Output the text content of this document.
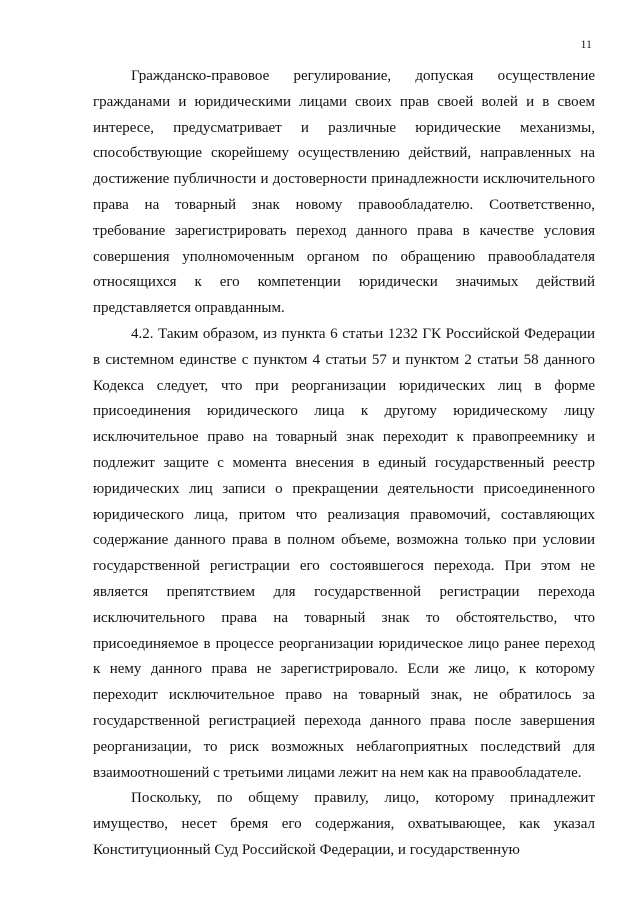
11

Гражданско-правовое регулирование, допуская осуществление гражданами и юридическими лицами своих прав своей волей и в своем интересе, предусматривает и различные юридические механизмы, способствующие скорейшему осуществлению действий, направленных на достижение публичности и достоверности принадлежности исключительного права на товарный знак новому правообладателю. Соответственно, требование зарегистрировать переход данного права в качестве условия совершения уполномоченным органом по обращению правообладателя относящихся к его компетенции юридически значимых действий представляется оправданным.

4.2. Таким образом, из пункта 6 статьи 1232 ГК Российской Федерации в системном единстве с пунктом 4 статьи 57 и пунктом 2 статьи 58 данного Кодекса следует, что при реорганизации юридических лиц в форме присоединения юридического лица к другому юридическому лицу исключительное право на товарный знак переходит к правопреемнику и подлежит защите с момента внесения в единый государственный реестр юридических лиц записи о прекращении деятельности присоединенного юридического лица, притом что реализация правомочий, составляющих содержание данного права в полном объеме, возможна только при условии государственной регистрации его состоявшегося перехода. При этом не является препятствием для государственной регистрации перехода исключительного права на товарный знак то обстоятельство, что присоединяемое в процессе реорганизации юридическое лицо ранее переход к нему данного права не зарегистрировало. Если же лицо, к которому переходит исключительное право на товарный знак, не обратилось за государственной регистрацией перехода данного права после завершения реорганизации, то риск возможных неблагоприятных последствий для взаимоотношений с третьими лицами лежит на нем как на правообладателе.

Поскольку, по общему правилу, лицо, которому принадлежит имущество, несет бремя его содержания, охватывающее, как указал Конституционный Суд Российской Федерации, и государственную
